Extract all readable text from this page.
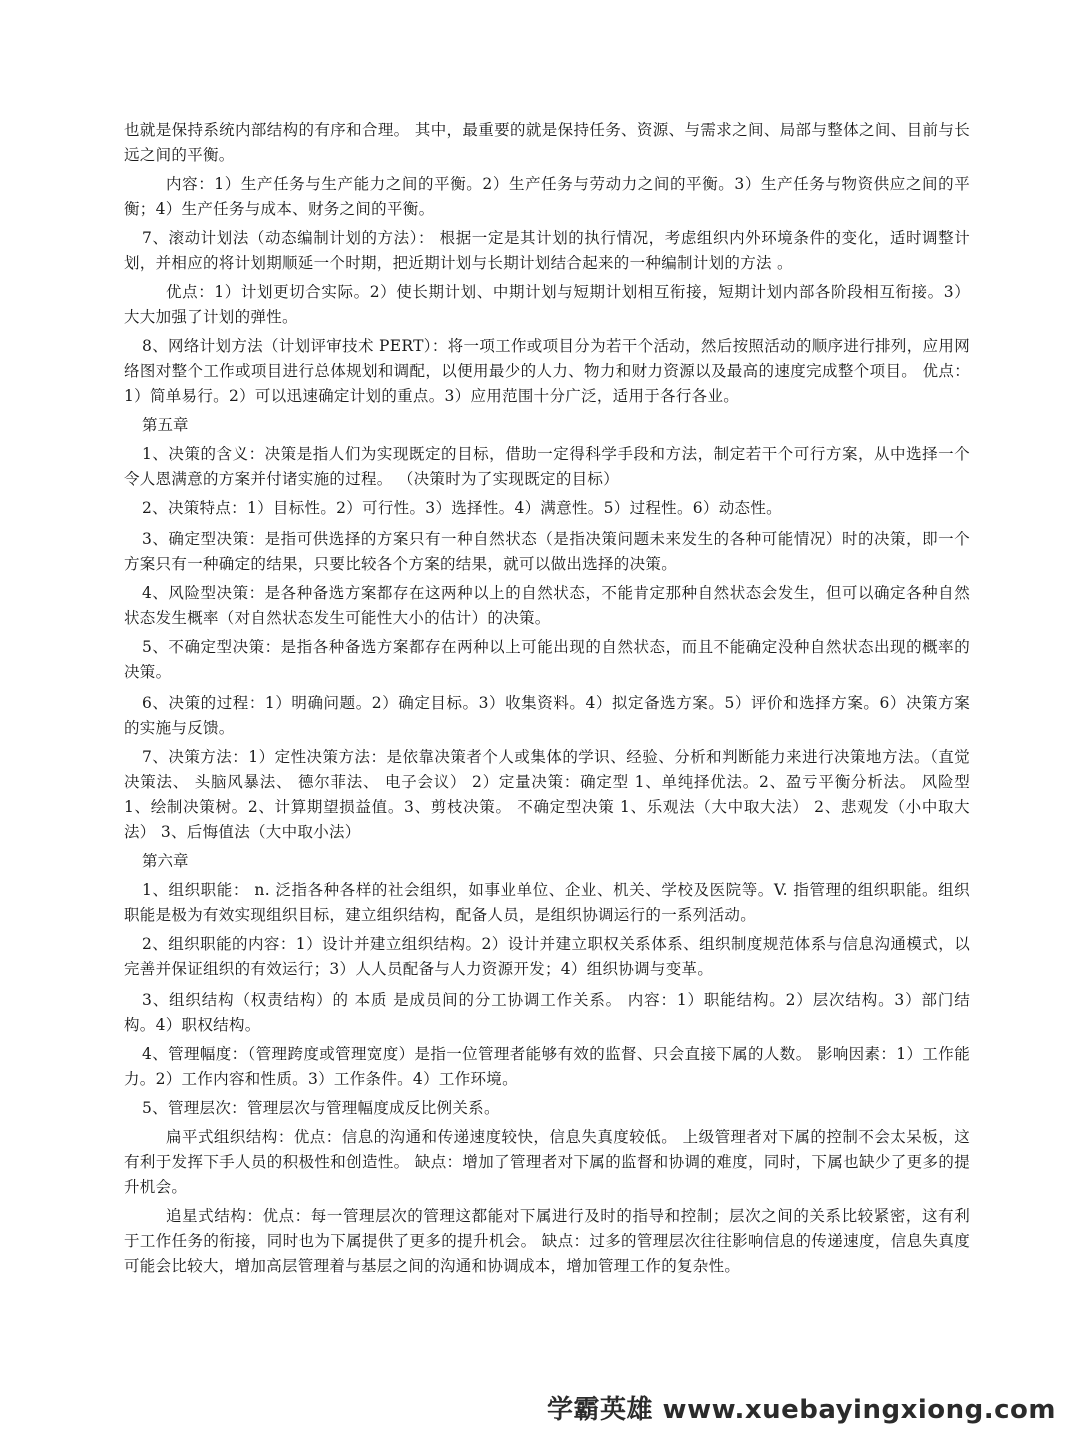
也就是保持系统内部结构的有序和合理。 其中，最重要的就是保持任务、资源、与需求之间、局部与整体之间、目前与长远之间的平衡。

内容：1）生产任务与生产能力之间的平衡。2）生产任务与劳动力之间的平衡。3）生产任务与物资供应之间的平衡；4）生产任务与成本、财务之间的平衡。

7、滚动计划法（动态编制计划的方法）： 根据一定是其计划的执行情况，考虑组织内外环境条件的变化，适时调整计划，并相应的将计划期顺延一个时期，把近期计划与长期计划结合起来的一种编制计划的方法 。

优点：1）计划更切合实际。2）使长期计划、中期计划与短期计划相互衔接，短期计划内部各阶段相互衔接。3）大大加强了计划的弹性。

8、网络计划方法（计划评审技术 PERT）：将一项工作或项目分为若干个活动，然后按照活动的顺序进行排列，应用网络图对整个工作或项目进行总体规划和调配，以便用最少的人力、物力和财力资源以及最高的速度完成整个项目。 优点：1）简单易行。2）可以迅速确定计划的重点。3）应用范围十分广泛，适用于各行各业。

第五章

1、决策的含义：决策是指人们为实现既定的目标，借助一定得科学手段和方法，制定若干个可行方案，从中选择一个令人恩满意的方案并付诸实施的过程。 （决策时为了实现既定的目标）

2、决策特点：1）目标性。2）可行性。3）选择性。4）满意性。5）过程性。6）动态性。

3、确定型决策：是指可供选择的方案只有一种自然状态（是指决策问题未来发生的各种可能情况）时的决策，即一个方案只有一种确定的结果，只要比较各个方案的结果，就可以做出选择的决策。

4、风险型决策：是各种备选方案都存在这两种以上的自然状态，不能肯定那种自然状态会发生，但可以确定各种自然状态发生概率（对自然状态发生可能性大小的估计）的决策。

5、不确定型决策：是指各种备选方案都存在两种以上可能出现的自然状态，而且不能确定没种自然状态出现的概率的决策。

6、决策的过程：1）明确问题。2）确定目标。3）收集资料。4）拟定备选方案。5）评价和选择方案。6）决策方案的实施与反馈。

7、决策方法：1）定性决策方法：是依靠决策者个人或集体的学识、经验、分析和判断能力来进行决策地方法。（直觉决策法、 头脑风暴法、 德尔菲法、 电子会议） 2）定量决策：确定型 1、单纯择优法。2、盈亏平衡分析法。 风险型 1、绘制决策树。2、计算期望损益值。3、剪枝决策。 不确定型决策 1、乐观法（大中取大法） 2、悲观发（小中取大法） 3、后悔值法（大中取小法）

第六章

1、组织职能： n. 泛指各种各样的社会组织，如事业单位、企业、机关、学校及医院等。V. 指管理的组织职能。组织职能是极为有效实现组织目标，建立组织结构，配备人员，是组织协调运行的一系列活动。

2、组织职能的内容：1）设计并建立组织结构。2）设计并建立职权关系体系、组织制度规范体系与信息沟通模式，以完善并保证组织的有效运行；3）人人员配备与人力资源开发；4）组织协调与变革。

3、组织结构（权责结构）的 本质 是成员间的分工协调工作关系。 内容：1）职能结构。2）层次结构。3）部门结构。4）职权结构。

4、管理幅度：（管理跨度或管理宽度）是指一位管理者能够有效的监督、只会直接下属的人数。 影响因素：1）工作能力。2）工作内容和性质。3）工作条件。4）工作环境。

5、管理层次：管理层次与管理幅度成反比例关系。

扁平式组织结构：优点：信息的沟通和传递速度较快，信息失真度较低。 上级管理者对下属的控制不会太呆板，这有利于发挥下手人员的积极性和创造性。 缺点：增加了管理者对下属的监督和协调的难度，同时，下属也缺少了更多的提升机会。

追星式结构：优点：每一管理层次的管理这都能对下属进行及时的指导和控制；层次之间的关系比较紧密，这有利于工作任务的衔接，同时也为下属提供了更多的提升机会。 缺点：过多的管理层次往往影响信息的传递速度，信息失真度可能会比较大，增加高层管理着与基层之间的沟通和协调成本，增加管理工作的复杂性。

学霸英雄 www.xuebayingxiong.com
